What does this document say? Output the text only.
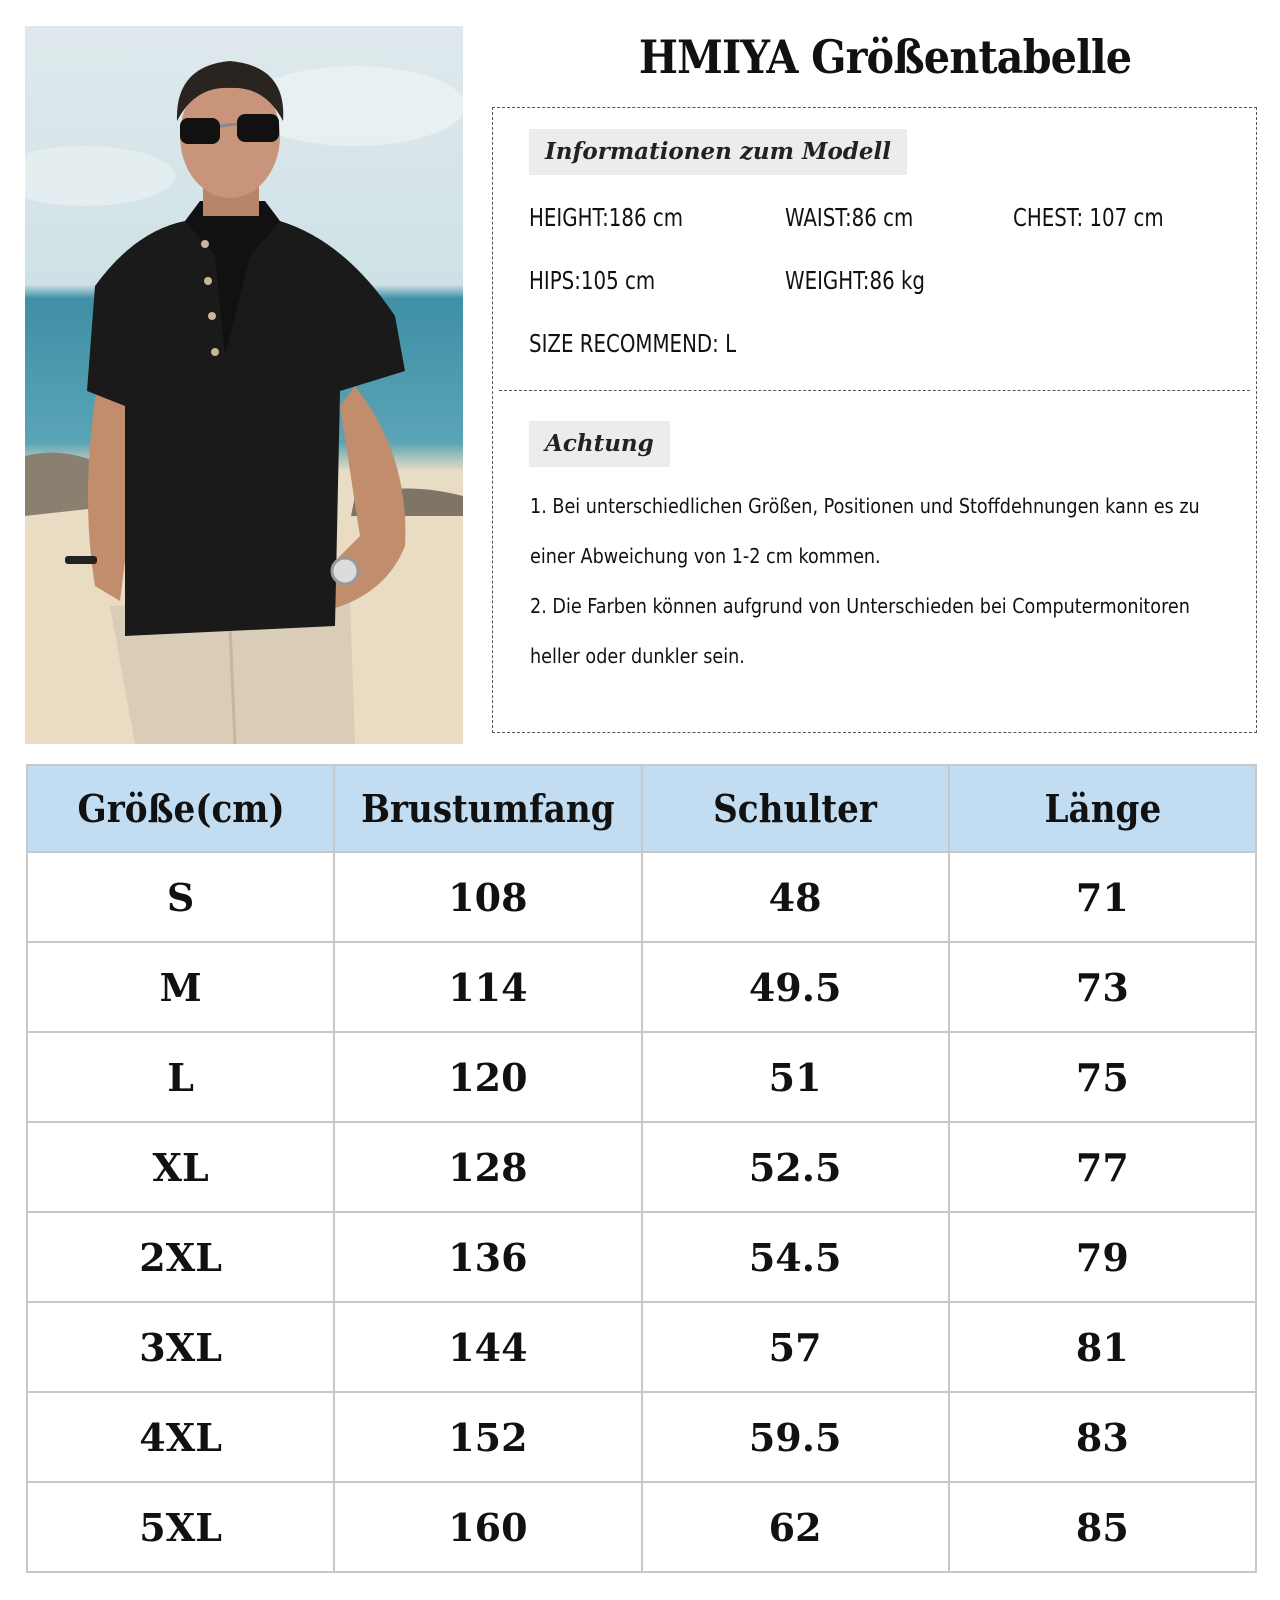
HMIYA Größentabelle
Informationen zum Modell
HEIGHT:186 cm	WAIST:86 cm	CHEST: 107 cm
HIPS:105 cm	WEIGHT:86 kg
SIZE RECOMMEND: L
Achtung
1. Bei unterschiedlichen Größen, Positionen und Stoffdehnungen kann es zu
einer Abweichung von 1-2 cm kommen.
2. Die Farben können aufgrund von Unterschieden bei Computermonitoren
heller oder dunkler sein.
Größe(cm)	Brustumfang	Schulter	Länge
S	108	48	71
M	114	49.5	73
L	120	51	75
XL	128	52.5	77
2XL	136	54.5	79
3XL	144	57	81
4XL	152	59.5	83
5XL	160	62	85
